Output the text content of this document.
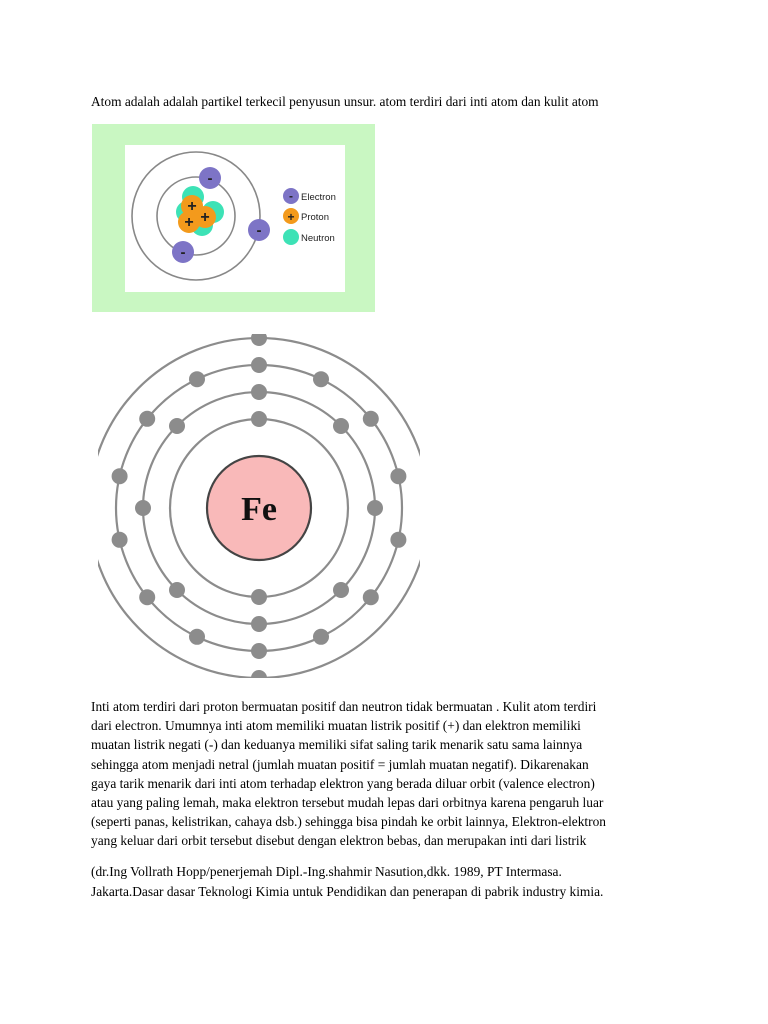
Atom adalah adalah partikel terkecil penyusun unsur. atom terdiri dari inti atom dan kulit atom
+
+ +
-
-
-
- Electron
+ Proton
Neutron
Fe
Inti atom terdiri dari proton bermuatan positif dan neutron tidak bermuatan . Kulit atom terdiri
dari electron. Umumnya inti atom memiliki muatan listrik positif (+) dan elektron memiliki
muatan listrik negati (-) dan keduanya memiliki sifat saling tarik menarik satu sama lainnya
sehingga atom menjadi netral (jumlah muatan positif = jumlah muatan negatif). Dikarenakan
gaya tarik menarik dari inti atom terhadap elektron yang berada diluar orbit (valence electron)
atau yang paling lemah, maka elektron tersebut mudah lepas dari orbitnya karena pengaruh luar
(seperti panas, kelistrikan, cahaya dsb.) sehingga bisa pindah ke orbit lainnya, Elektron-elektron
yang keluar dari orbit tersebut disebut dengan elektron bebas, dan merupakan inti dari listrik
(dr.Ing Vollrath Hopp/penerjemah Dipl.-Ing.shahmir Nasution,dkk. 1989, PT Intermasa.
Jakarta.Dasar dasar Teknologi Kimia untuk Pendidikan dan penerapan di pabrik industry kimia.
